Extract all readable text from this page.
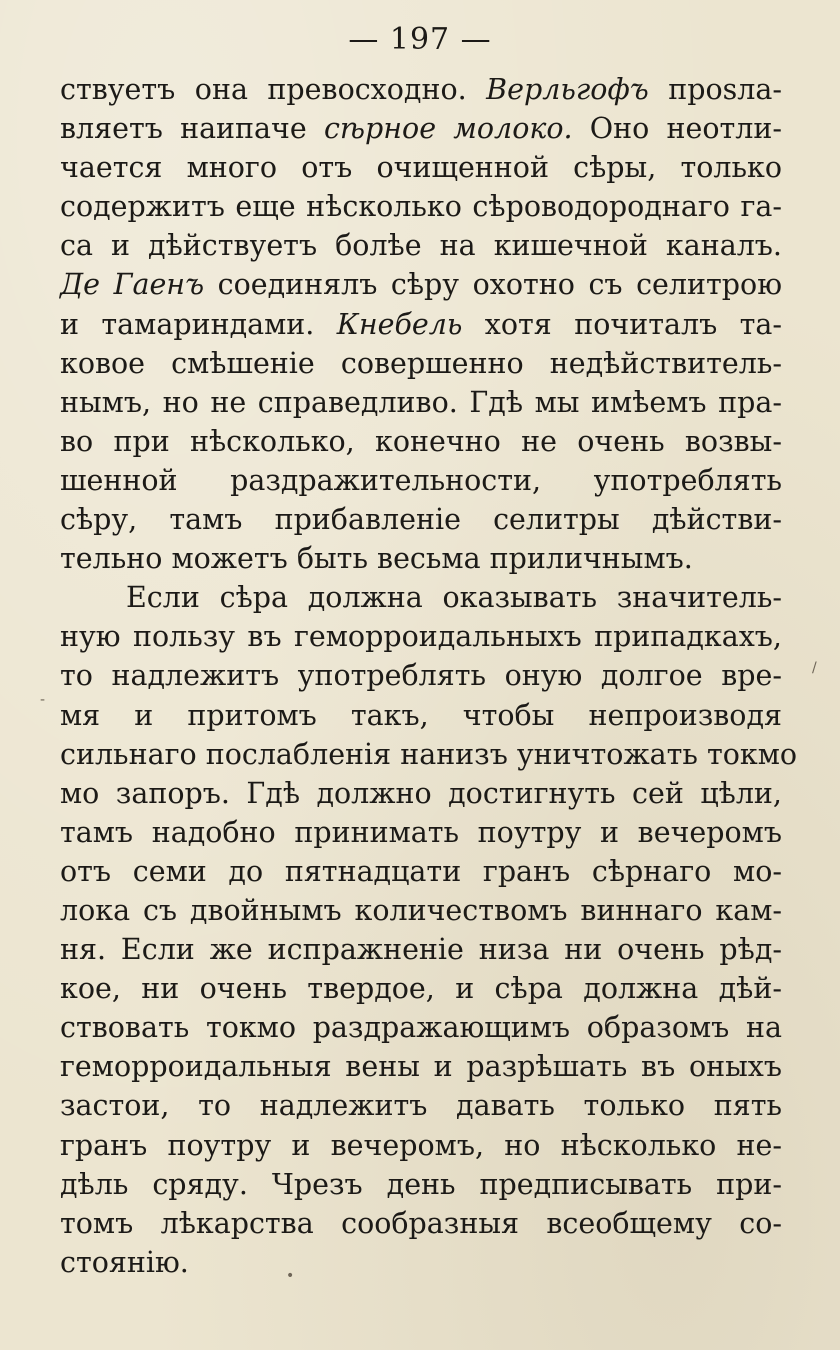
— 197 —
ствуетъ она превосходно. Верльгофъ прosла-
вляетъ наипаче сѣрное молоко. Оно неотли-
чается много отъ очищенной сѣры, только
содержитъ еще нѣсколько сѣроводороднаго га-
са и дѣйствуетъ болѣе на кишечной каналъ.
Де Гаенъ соединялъ сѣру охотно съ селитрою
и тамариндами. Кнебель хотя почиталъ та-
ковое смѣшеніе совершенно недѣйствитель-
нымъ, но не справедливо. Гдѣ мы имѣемъ пра-
во при нѣсколько, конечно не очень возвы-
шенной раздражительности, употреблять
сѣру, тамъ прибавленіе селитры дѣйстви-
тельно можетъ быть весьма приличнымъ.
Если сѣра должна оказывать значитель-
ную пользу въ геморроидальныхъ припадкахъ,
то надлежитъ употреблять оную долгое вре-
мя и притомъ такъ, чтобы непроизводя
сильнаго послабленія нанизъ уничтожать токмо
мо запоръ. Гдѣ должно достигнуть сей цѣли,
тамъ надобно принимать поутру и вечеромъ
отъ семи до пятнадцати гранъ сѣрнаго мо-
лока съ двойнымъ количествомъ виннаго кам-
ня. Если же испражненіе низа ни очень рѣд-
кое, ни очень твердое, и сѣра должна дѣй-
ствовать токмо раздражающимъ образомъ на
геморроидальныя вены и разрѣшать въ оныхъ
застои, то надлежитъ давать только пять
гранъ поутру и вечеромъ, но нѣсколько не-
дѣль сряду. Чрезъ день предписывать при-
томъ лѣкарства сообразныя всеобщему со-
стоянію.
-
/
•
